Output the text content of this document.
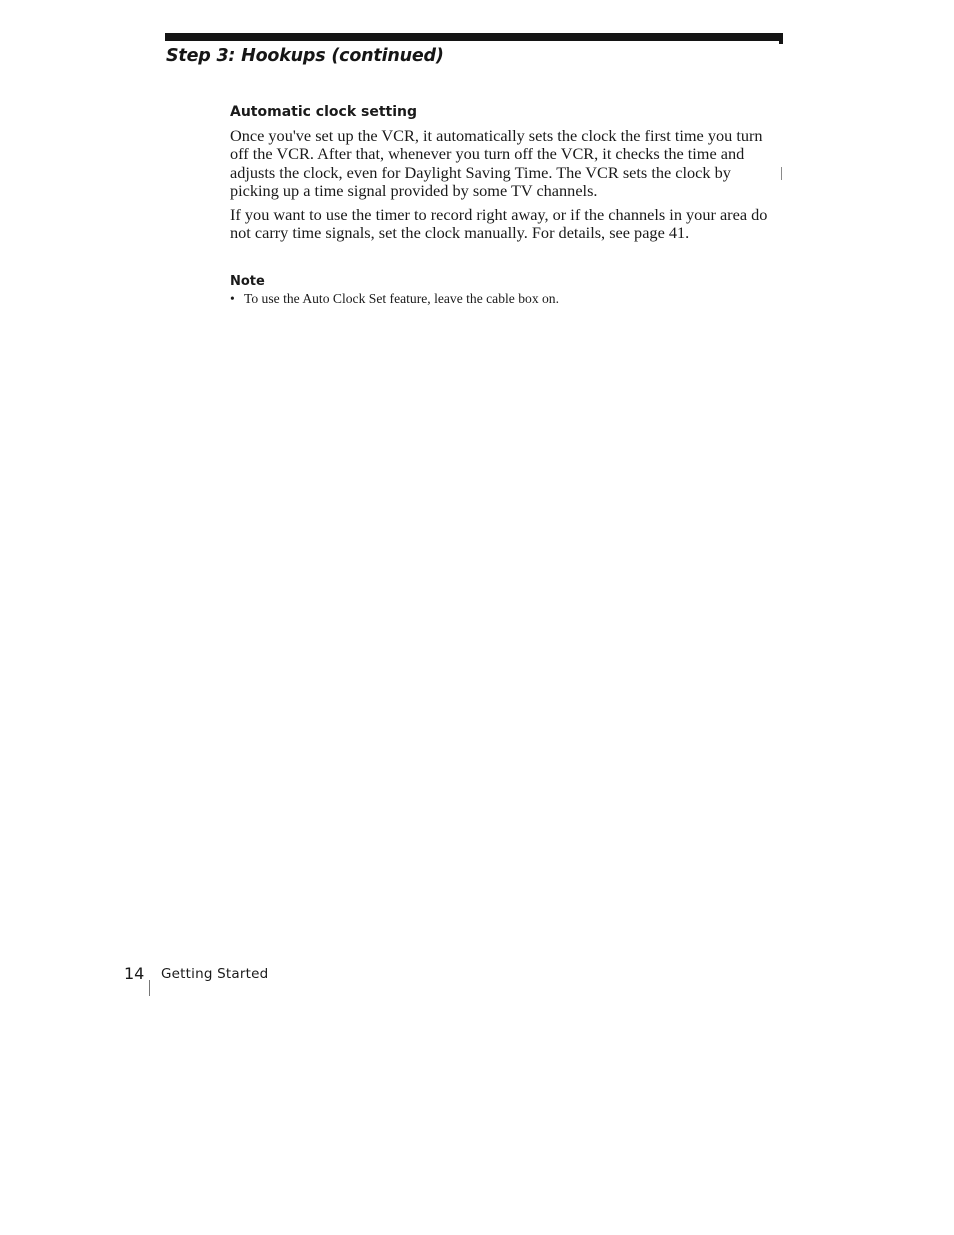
Step 3: Hookups (continued)
Automatic clock setting

Once you've set up the VCR, it automatically sets the clock the first time you turn off the VCR. After that, whenever you turn off the VCR, it checks the time and adjusts the clock, even for Daylight Saving Time. The VCR sets the clock by picking up a time signal provided by some TV channels.

If you want to use the timer to record right away, or if the channels in your area do not carry time signals, set the clock manually. For details, see page 41.

Note
• To use the Auto Clock Set feature, leave the cable box on.
14 Getting Started
